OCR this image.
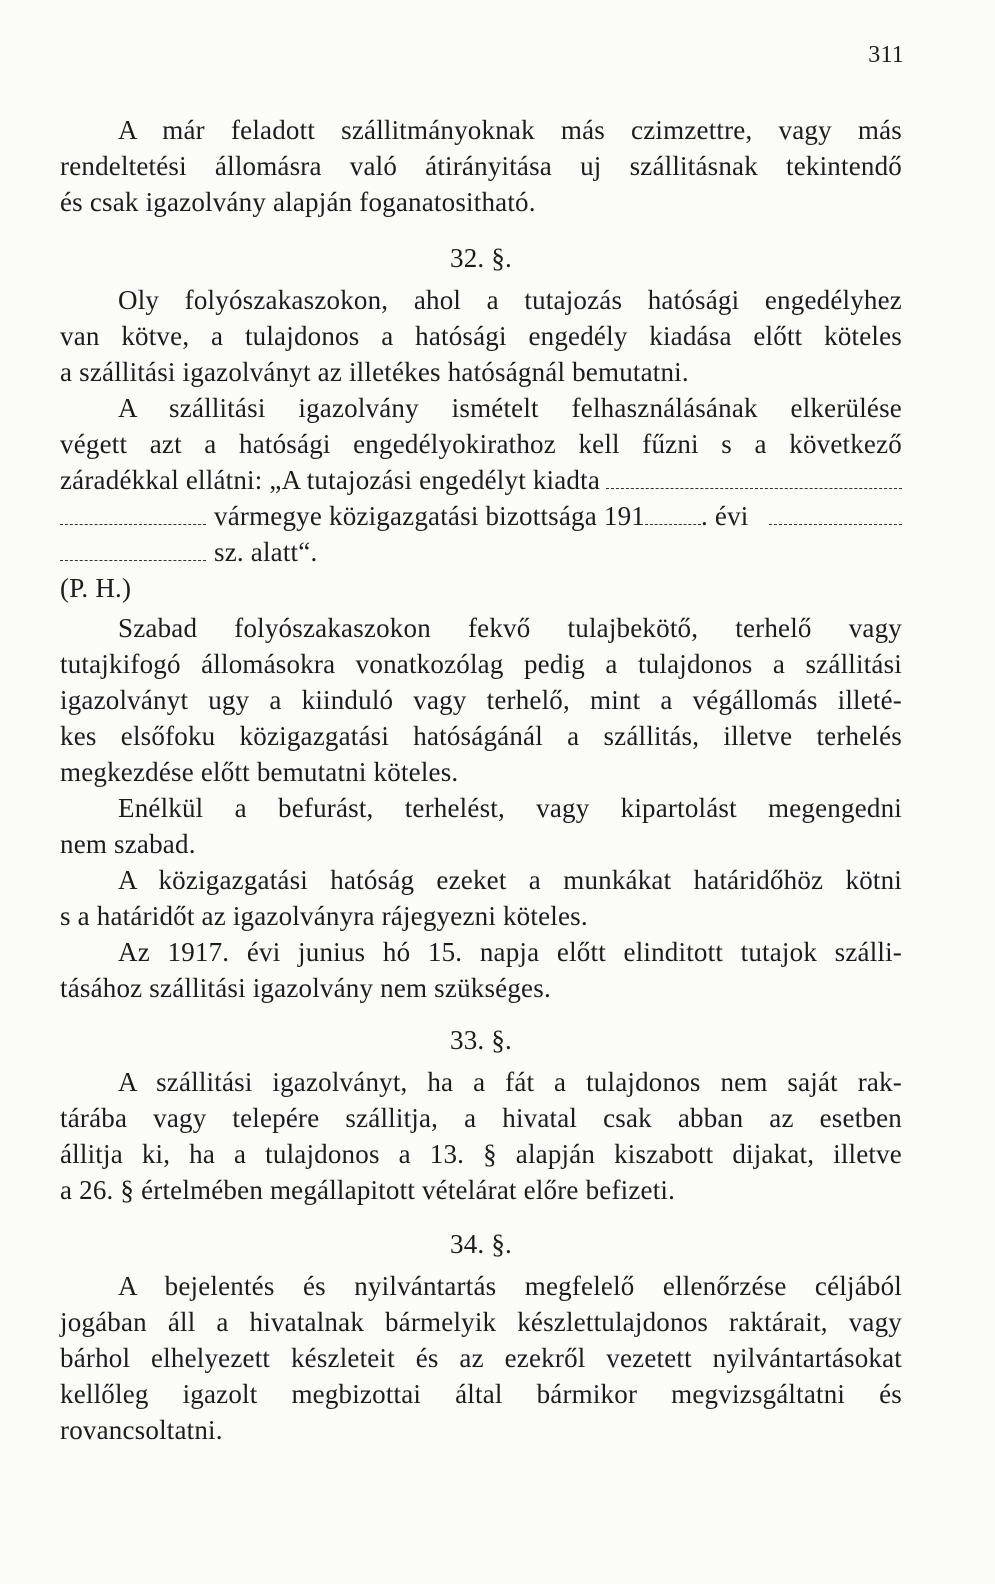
311
A már feladott szállitmányoknak más czimzettre, vagy más
rendeltetési állomásra való átirányitása uj szállitásnak tekintendő
és csak igazolvány alapján foganatositható.
32. §.
Oly folyószakaszokon, ahol a tutajozás hatósági engedélyhez
van kötve, a tulajdonos a hatósági engedély kiadása előtt köteles
a szállitási igazolványt az illetékes hatóságnál bemutatni.
A szállitási igazolvány ismételt felhasználásának elkerülése
végett azt a hatósági engedélyokirathoz kell fűzni s a következő
záradékkal ellátni: „A tutajozási engedélyt kiadta
vármegye közigazgatási bizottsága 191 . évi
sz. alatt“.
(P. H.)
Szabad folyószakaszokon fekvő tulajbekötő, terhelő vagy
tutajkifogó állomásokra vonatkozólag pedig a tulajdonos a szállitási
igazolványt ugy a kiinduló vagy terhelő, mint a végállomás illeté-
kes elsőfoku közigazgatási hatóságánál a szállitás, illetve terhelés
megkezdése előtt bemutatni köteles.
Enélkül a befurást, terhelést, vagy kipartolást megengedni
nem szabad.
A közigazgatási hatóság ezeket a munkákat határidőhöz kötni
s a határidőt az igazolványra rájegyezni köteles.
Az 1917. évi junius hó 15. napja előtt elinditott tutajok szálli-
tásához szállitási igazolvány nem szükséges.
33. §.
A szállitási igazolványt, ha a fát a tulajdonos nem saját rak-
tárába vagy telepére szállitja, a hivatal csak abban az esetben
állitja ki, ha a tulajdonos a 13. § alapján kiszabott dijakat, illetve
a 26. § értelmében megállapitott vételárat előre befizeti.
34. §.
A bejelentés és nyilvántartás megfelelő ellenőrzése céljából
jogában áll a hivatalnak bármelyik készlettulajdonos raktárait, vagy
bárhol elhelyezett készleteit és az ezekről vezetett nyilvántartásokat
kellőleg igazolt megbizottai által bármikor megvizsgáltatni és
rovancsoltatni.
